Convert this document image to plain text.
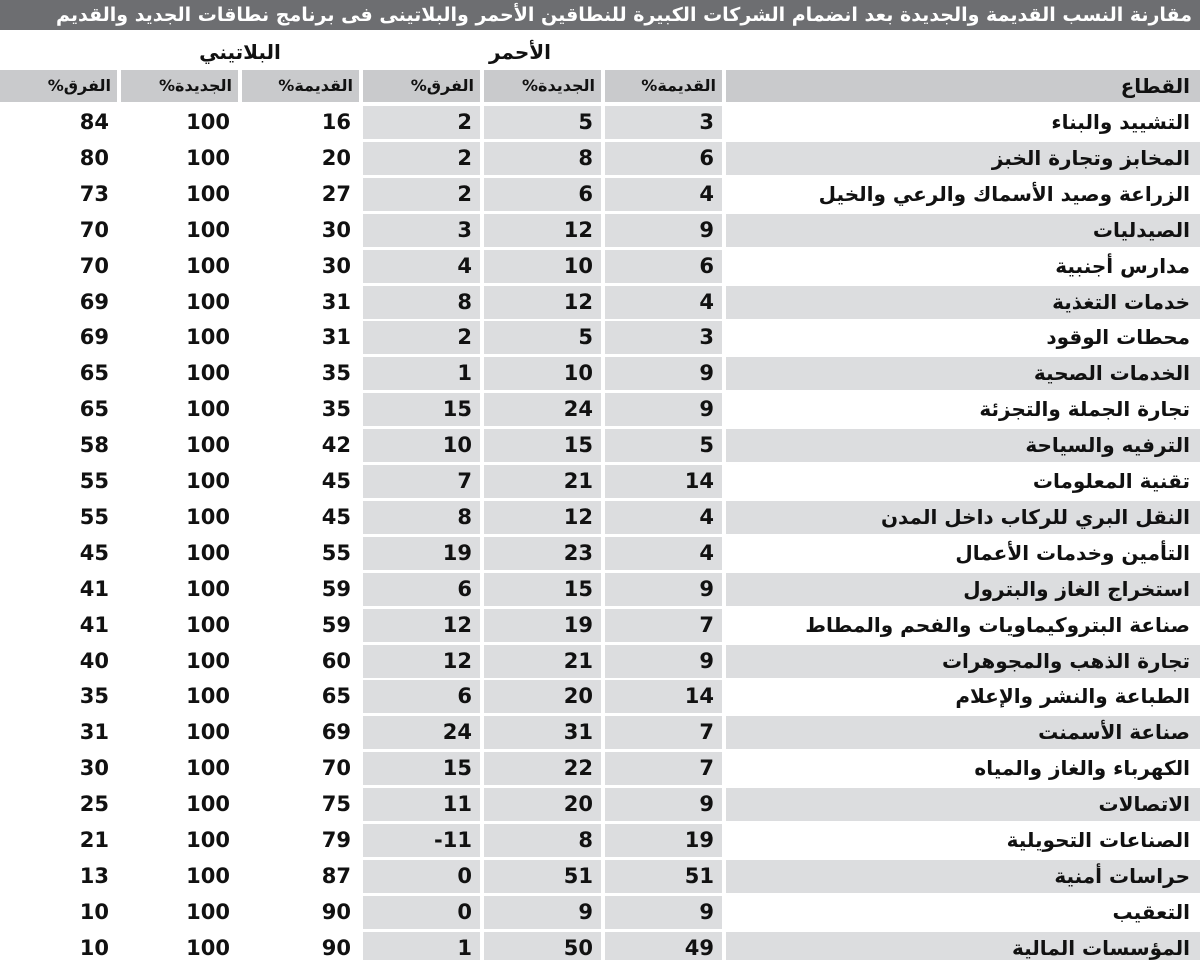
مقارنة النسب القديمة والجديدة بعد انضمام الشركات الكبيرة للنطاقين الأحمر والبلاتينى فى برنامج نطاقات الجديد والقديم
البلاتيني	الأحمر
الفرق%	الجديدة%	القديمة%	الفرق%	الجديدة%	القديمة%	القطاع
84	100	16	2	5	3	التشييد والبناء
80	100	20	2	8	6	المخابز وتجارة الخبز
73	100	27	2	6	4	الزراعة وصيد الأسماك والرعي والخيل
70	100	30	3	12	9	الصيدليات
70	100	30	4	10	6	مدارس أجنبية
69	100	31	8	12	4	خدمات التغذية
69	100	31	2	5	3	محطات الوقود
65	100	35	1	10	9	الخدمات الصحية
65	100	35	15	24	9	تجارة الجملة والتجزئة
58	100	42	10	15	5	الترفيه والسياحة
55	100	45	7	21	14	تقنية المعلومات
55	100	45	8	12	4	النقل البري للركاب داخل المدن
45	100	55	19	23	4	التأمين وخدمات الأعمال
41	100	59	6	15	9	استخراج الغاز والبترول
41	100	59	12	19	7	صناعة البتروكيماويات والفحم والمطاط
40	100	60	12	21	9	تجارة الذهب والمجوهرات
35	100	65	6	20	14	الطباعة والنشر والإعلام
31	100	69	24	31	7	صناعة الأسمنت
30	100	70	15	22	7	الكهرباء والغاز والمياه
25	100	75	11	20	9	الاتصالات
21	100	79	-11	8	19	الصناعات التحويلية
13	100	87	0	51	51	حراسات أمنية
10	100	90	0	9	9	التعقيب
10	100	90	1	50	49	المؤسسات المالية
